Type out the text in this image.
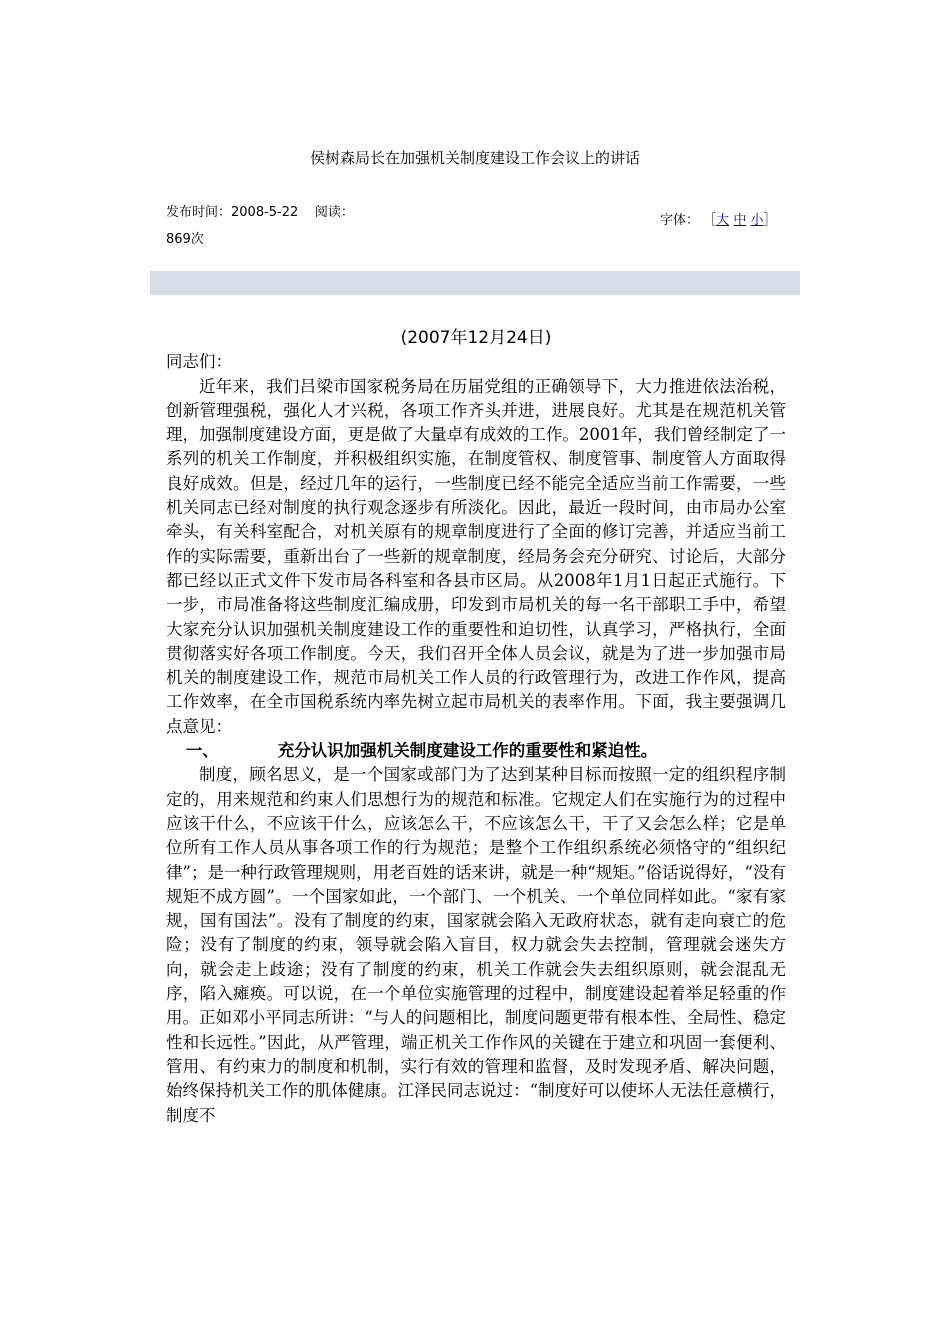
侯树森局长在加强机关制度建设工作会议上的讲话
发布时间：2008-5-22 阅读：869次
字体： ［大 中 小］

(2007年12月24日)

同志们：

近年来，我们吕梁市国家税务局在历届党组的正确领导下，大力推进依法治税，创新管理强税，强化人才兴税，各项工作齐头并进，进展良好。尤其是在规范机关管理，加强制度建设方面，更是做了大量卓有成效的工作。2001年，我们曾经制定了一系列的机关工作制度，并积极组织实施，在制度管权、制度管事、制度管人方面取得良好成效。但是，经过几年的运行，一些制度已经不能完全适应当前工作需要，一些机关同志已经对制度的执行观念逐步有所淡化。因此，最近一段时间，由市局办公室牵头，有关科室配合，对机关原有的规章制度进行了全面的修订完善，并适应当前工作的实际需要，重新出台了一些新的规章制度，经局务会充分研究、讨论后，大部分都已经以正式文件下发市局各科室和各县市区局。从2008年1月1日起正式施行。下一步，市局准备将这些制度汇编成册，印发到市局机关的每一名干部职工手中，希望大家充分认识加强机关制度建设工作的重要性和迫切性，认真学习，严格执行，全面贯彻落实好各项工作制度。今天，我们召开全体人员会议，就是为了进一步加强市局机关的制度建设工作，规范市局机关工作人员的行政管理行为，改进工作作风，提高工作效率，在全市国税系统内率先树立起市局机关的表率作用。下面，我主要强调几点意见：

一、	充分认识加强机关制度建设工作的重要性和紧迫性。

制度，顾名思义，是一个国家或部门为了达到某种目标而按照一定的组织程序制定的，用来规范和约束人们思想行为的规范和标准。它规定人们在实施行为的过程中应该干什么，不应该干什么，应该怎么干，不应该怎么干，干了又会怎么样；它是单位所有工作人员从事各项工作的行为规范；是整个工作组织系统必须恪守的“组织纪律”；是一种行政管理规则，用老百姓的话来讲，就是一种“规矩。”俗话说得好，“没有规矩不成方圆”。一个国家如此，一个部门、一个机关、一个单位同样如此。“家有家规，国有国法”。没有了制度的约束，国家就会陷入无政府状态，就有走向衰亡的危险；没有了制度的约束，领导就会陷入盲目，权力就会失去控制，管理就会迷失方向，就会走上歧途；没有了制度的约束，机关工作就会失去组织原则，就会混乱无序，陷入瘫痪。可以说，在一个单位实施管理的过程中，制度建设起着举足轻重的作用。正如邓小平同志所讲：“与人的问题相比，制度问题更带有根本性、全局性、稳定性和长远性。”因此，从严管理，端正机关工作作风的关键在于建立和巩固一套便利、管用、有约束力的制度和机制，实行有效的管理和监督，及时发现矛盾、解决问题，始终保持机关工作的肌体健康。江泽民同志说过：“制度好可以使坏人无法任意横行，制度不
